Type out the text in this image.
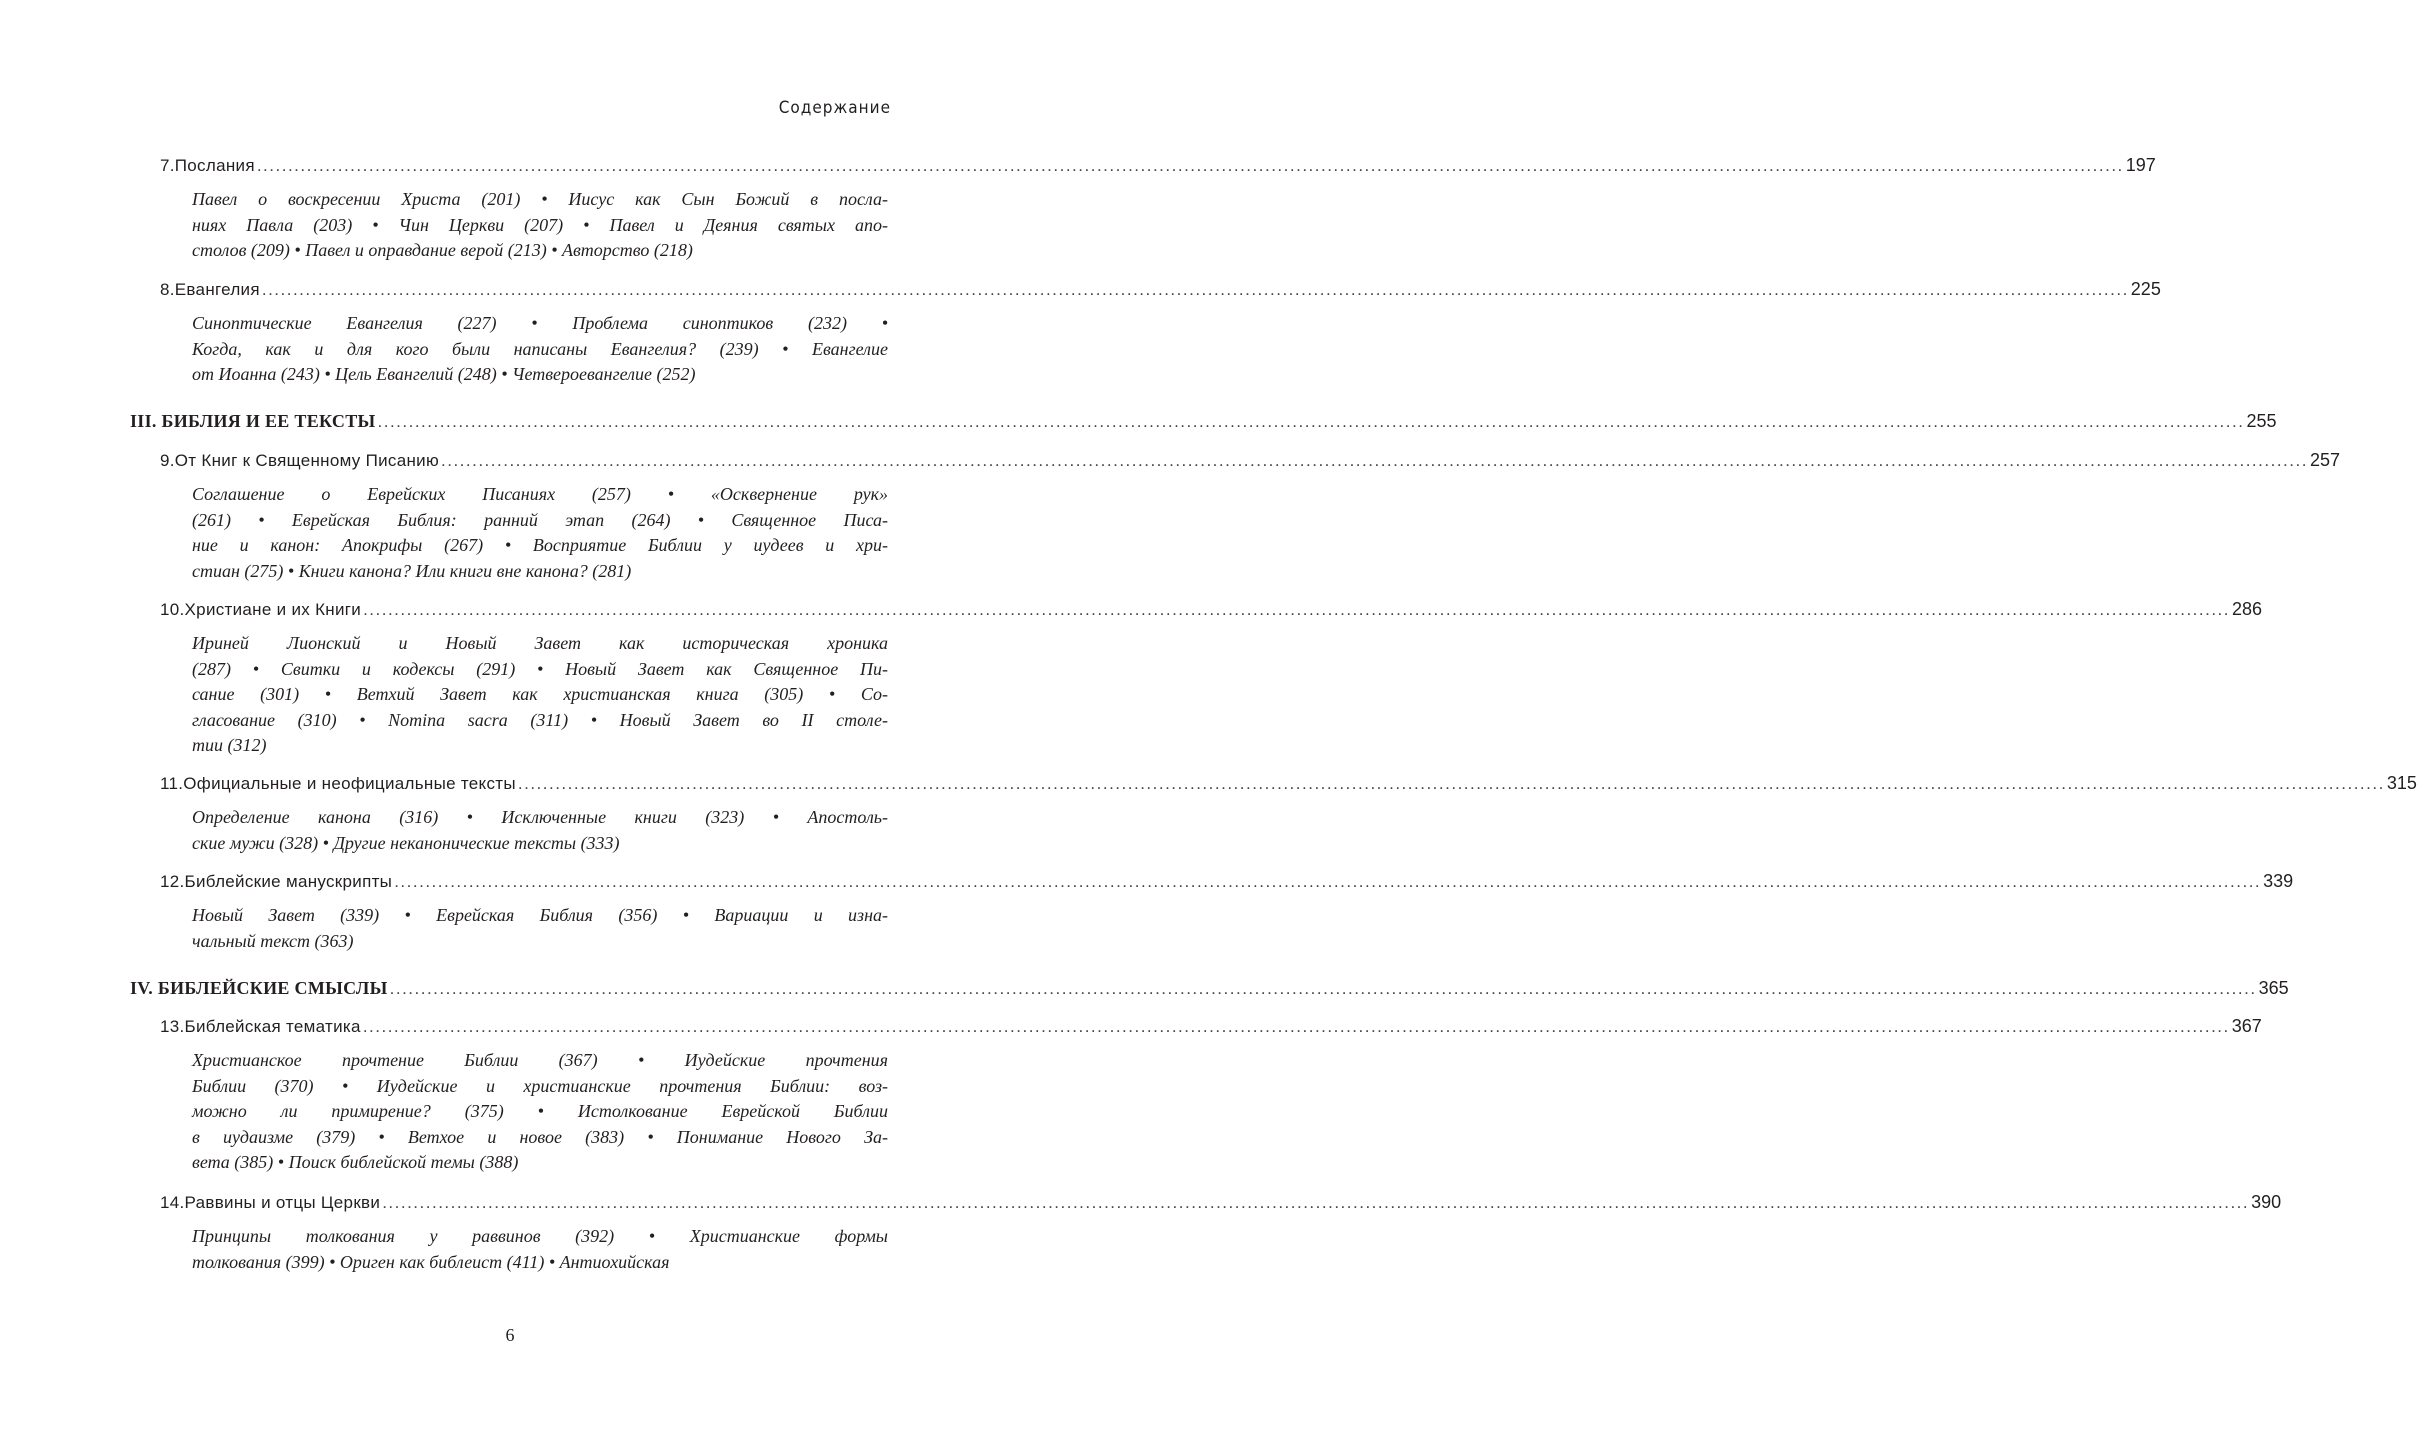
Содержание
7. Послания ............................................................................................................................................................................................................................................................................................................ 197
Павел о воскресении Христа (201) • Иисус как Сын Божий в посла-
ниях Павла (203) • Чин Церкви (207) • Павел и Деяния святых апо-
столов (209) • Павел и оправдание верой (213) • Авторство (218)
8. Евангелия ............................................................................................................................................................................................................................................................................................................ 225
Синоптические Евангелия (227) • Проблема синоптиков (232) •
Когда, как и для кого были написаны Евангелия? (239) • Евангелие
от Иоанна (243) • Цель Евангелий (248) • Четвероевангелие (252)
III. БИБЛИЯ И ЕЕ ТЕКСТЫ ............................................................................................................................................................................................................................................................................................................ 255
9. От Книг к Священному Писанию ............................................................................................................................................................................................................................................................................................................ 257
Соглашение о Еврейских Писаниях (257) • «Осквернение рук»
(261) • Еврейская Библия: ранний этап (264) • Священное Писа-
ние и канон: Апокрифы (267) • Восприятие Библии у иудеев и хри-
стиан (275) • Книги канона? Или книги вне канона? (281)
10. Христиане и их Книги ............................................................................................................................................................................................................................................................................................................ 286
Ириней Лионский и Новый Завет как историческая хроника
(287) • Свитки и кодексы (291) • Новый Завет как Священное Пи-
сание (301) • Ветхий Завет как христианская книга (305) • Со-
гласование (310) • Nomina sacra (311) • Новый Завет во II столе-
тии (312)
11. Официальные и неофициальные тексты ............................................................................................................................................................................................................................................................................................................ 315
Определение канона (316) • Исключенные книги (323) • Апостоль-
ские мужи (328) • Другие неканонические тексты (333)
12. Библейские манускрипты ............................................................................................................................................................................................................................................................................................................ 339
Новый Завет (339) • Еврейская Библия (356) • Вариации и изна-
чальный текст (363)
IV. БИБЛЕЙСКИЕ СМЫСЛЫ ............................................................................................................................................................................................................................................................................................................ 365
13. Библейская тематика ............................................................................................................................................................................................................................................................................................................ 367
Христианское прочтение Библии (367) • Иудейские прочтения
Библии (370) • Иудейские и христианские прочтения Библии: воз-
можно ли примирение? (375) • Истолкование Еврейской Библии
в иудаизме (379) • Ветхое и новое (383) • Понимание Нового За-
вета (385) • Поиск библейской темы (388)
14. Раввины и отцы Церкви ............................................................................................................................................................................................................................................................................................................ 390
Принципы толкования у раввинов (392) • Христианские формы
толкования (399) • Ориген как библеист (411) • Антиохийская
6
